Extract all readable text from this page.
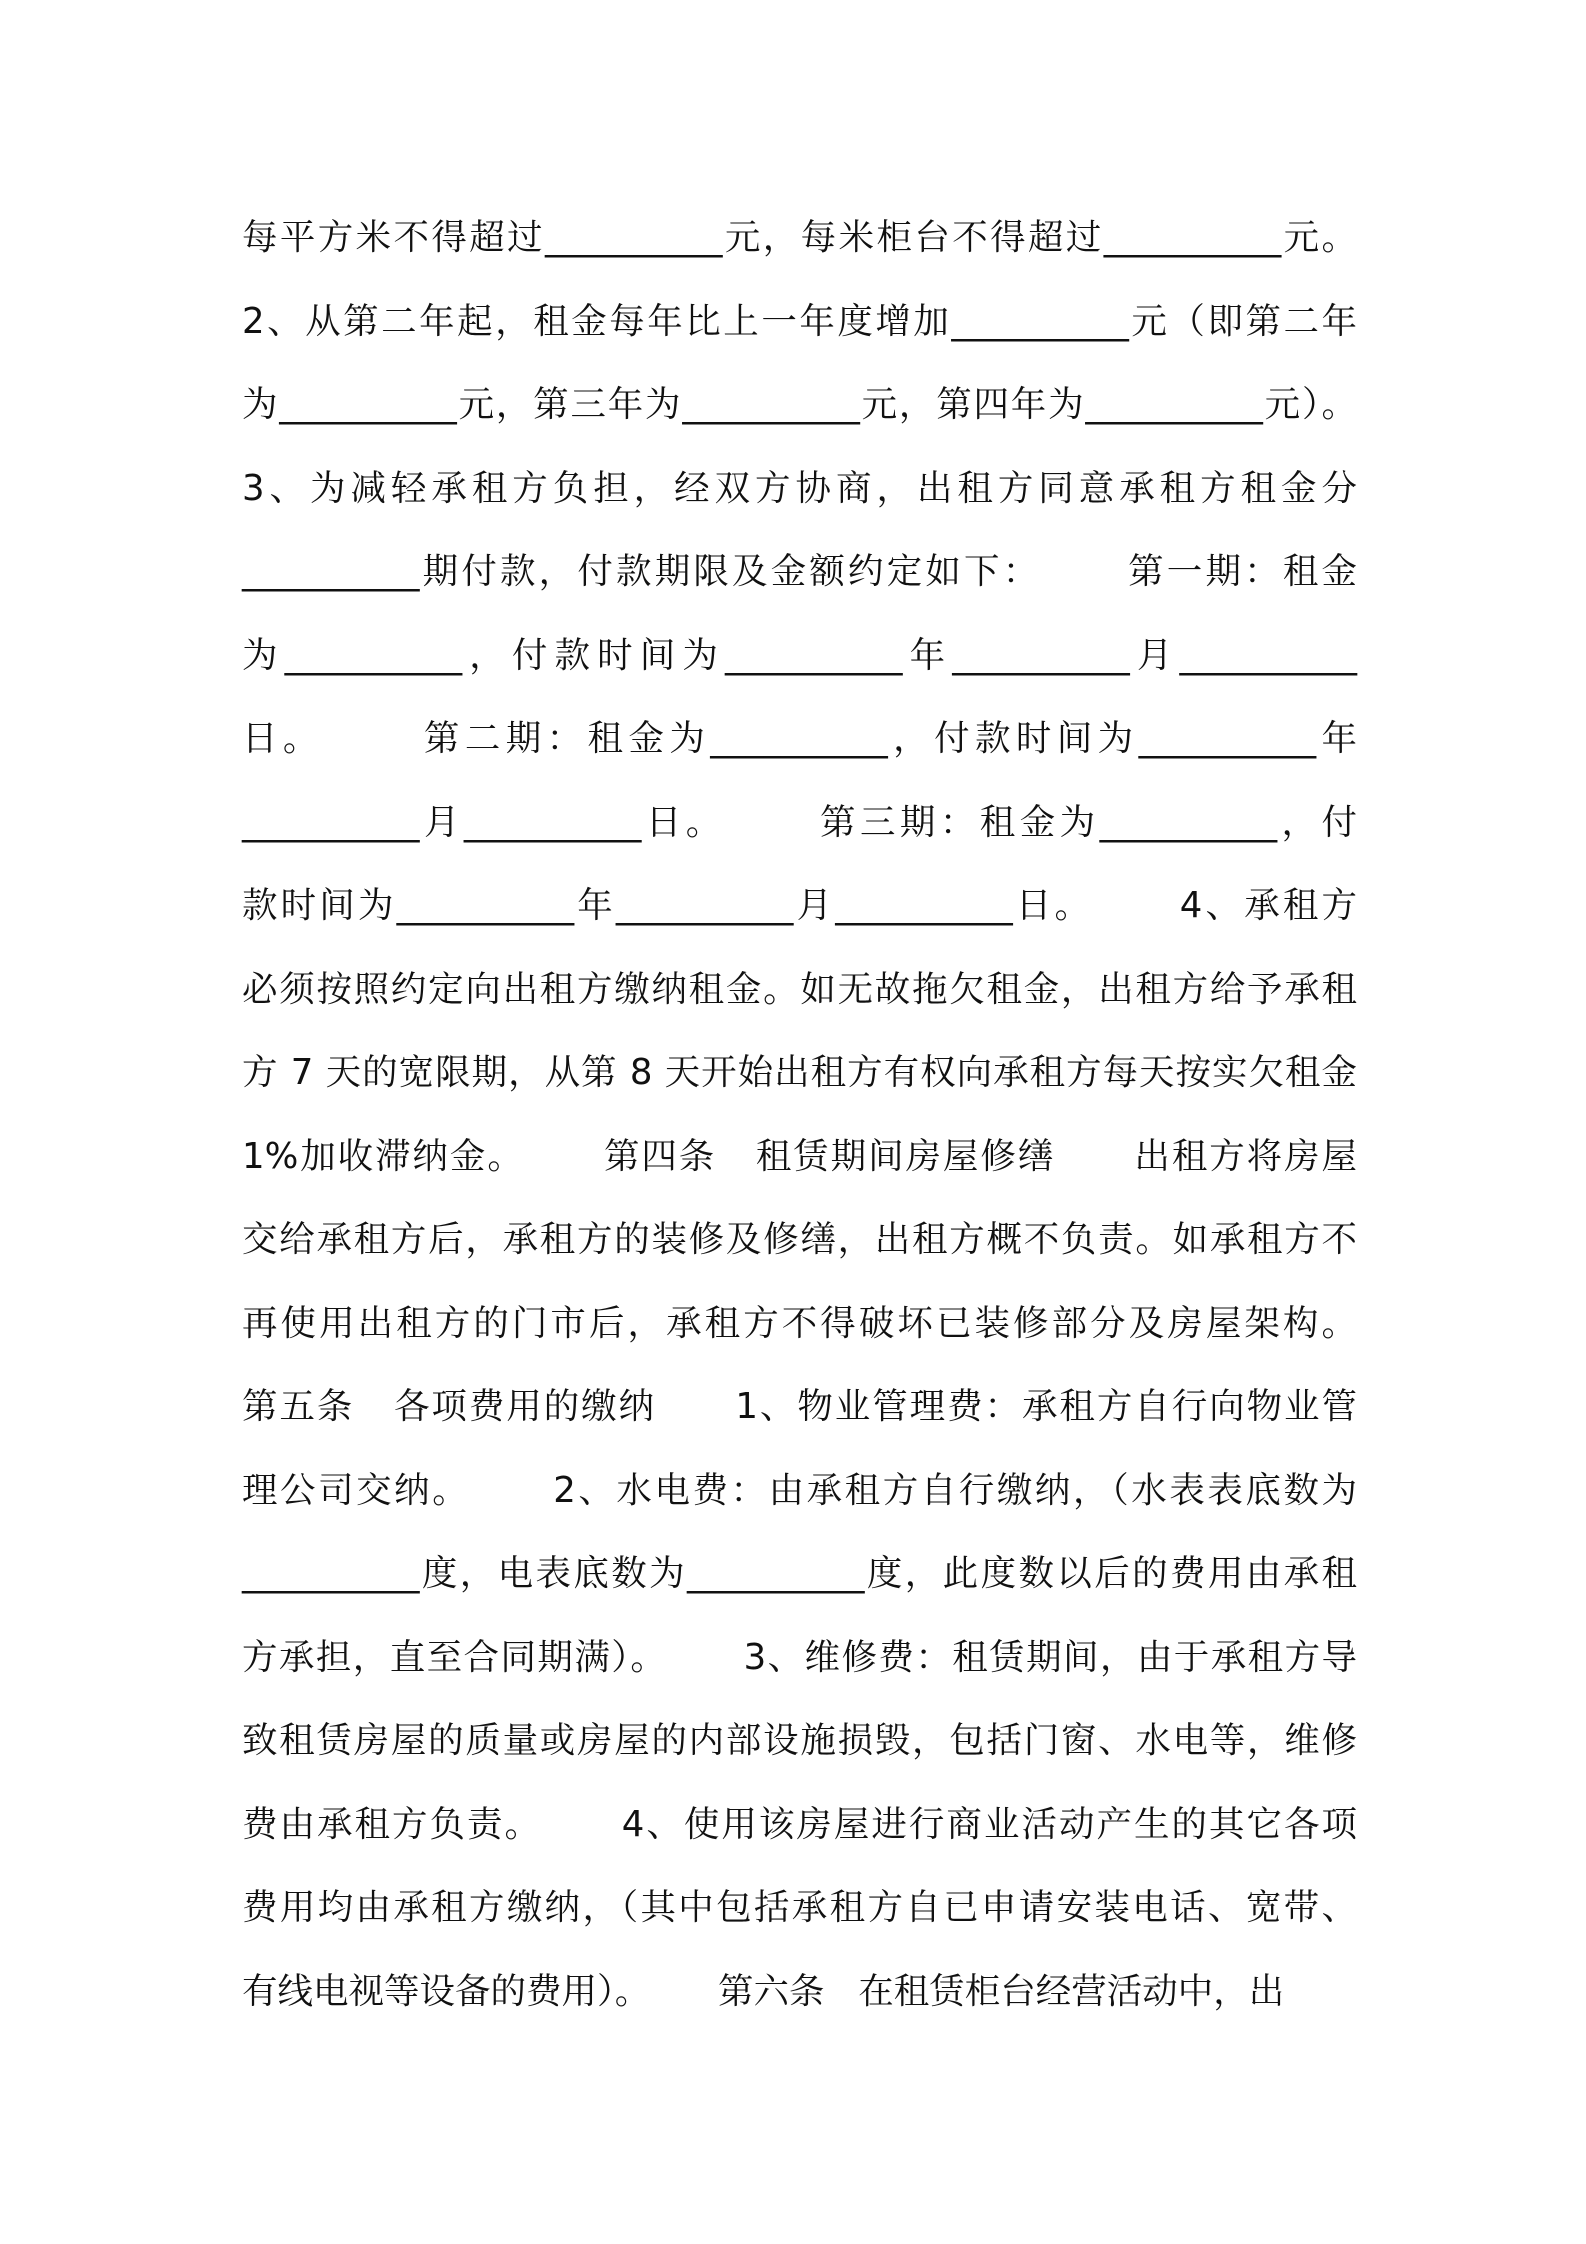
每平方米不得超过__________元，每米柜台不得超过__________元。
2、从第二年起，租金每年比上一年度增加__________元（即第二年
为__________元，第三年为__________元，第四年为__________元）。
3、为减轻承租方负担，经双方协商，出租方同意承租方租金分
__________期付款，付款期限及金额约定如下：      第一期：租金
为__________，付款时间为__________年__________月__________
日。      第二期：租金为__________，付款时间为__________年
__________月__________日。      第三期：租金为__________，付
款时间为__________年__________月__________日。      4、承租方
必须按照约定向出租方缴纳租金。如无故拖欠租金，出租方给予承租
方 7 天的宽限期，从第 8 天开始出租方有权向承租方每天按实欠租金
1%加收滞纳金。      第四条   租赁期间房屋修缮      出租方将房屋
交给承租方后，承租方的装修及修缮，出租方概不负责。如承租方不
再使用出租方的门市后，承租方不得破坏已装修部分及房屋架构。
第五条   各项费用的缴纳      1、物业管理费：承租方自行向物业管
理公司交纳。      2、水电费：由承租方自行缴纳，（水表表底数为
__________度，电表底数为__________度，此度数以后的费用由承租
方承担，直至合同期满）。      3、维修费：租赁期间，由于承租方导
致租赁房屋的质量或房屋的内部设施损毁，包括门窗、水电等，维修
费由承租方负责。      4、使用该房屋进行商业活动产生的其它各项
费用均由承租方缴纳，（其中包括承租方自已申请安装电话、宽带、
有线电视等设备的费用）。      第六条   在租赁柜台经营活动中，出
